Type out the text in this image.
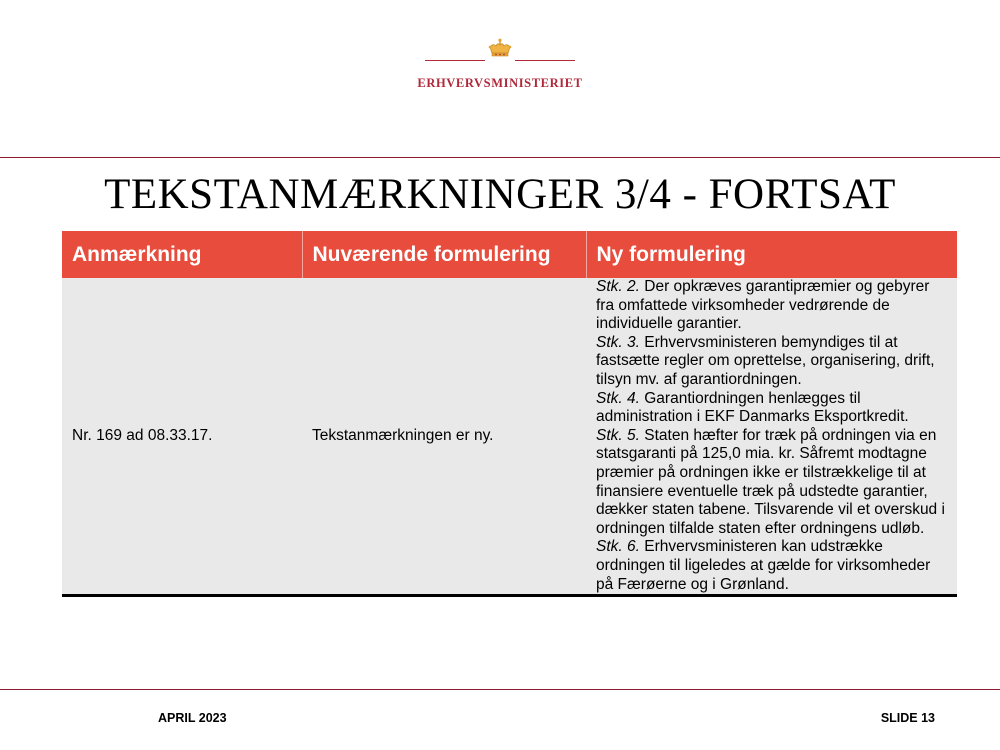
ERHVERVSMINISTERIET
TEKSTANMÆRKNINGER 3/4 - FORTSAT
Anmærkning	Nuværende formulering	Ny formulering
Nr. 169 ad 08.33.17.	Tekstanmærkningen er ny.	Stk. 2. Der opkræves garantipræmier og gebyrer fra omfattede virksomheder vedrørende de individuelle garantier.
Stk. 3. Erhvervsministeren bemyndiges til at fastsætte regler om oprettelse, organisering, drift, tilsyn mv. af garantiordningen.
Stk. 4. Garantiordningen henlægges til administration i EKF Danmarks Eksportkredit.
Stk. 5. Staten hæfter for træk på ordningen via en statsgaranti på 125,0 mia. kr. Såfremt modtagne præmier på ordningen ikke er tilstrækkelige til at finansiere eventuelle træk på udstedte garantier, dækker staten tabene. Tilsvarende vil et overskud i ordningen tilfalde staten efter ordningens udløb.
Stk. 6. Erhvervsministeren kan udstrække ordningen til ligeledes at gælde for virksomheder på Færøerne og i Grønland.
APRIL 2023	SLIDE 13
